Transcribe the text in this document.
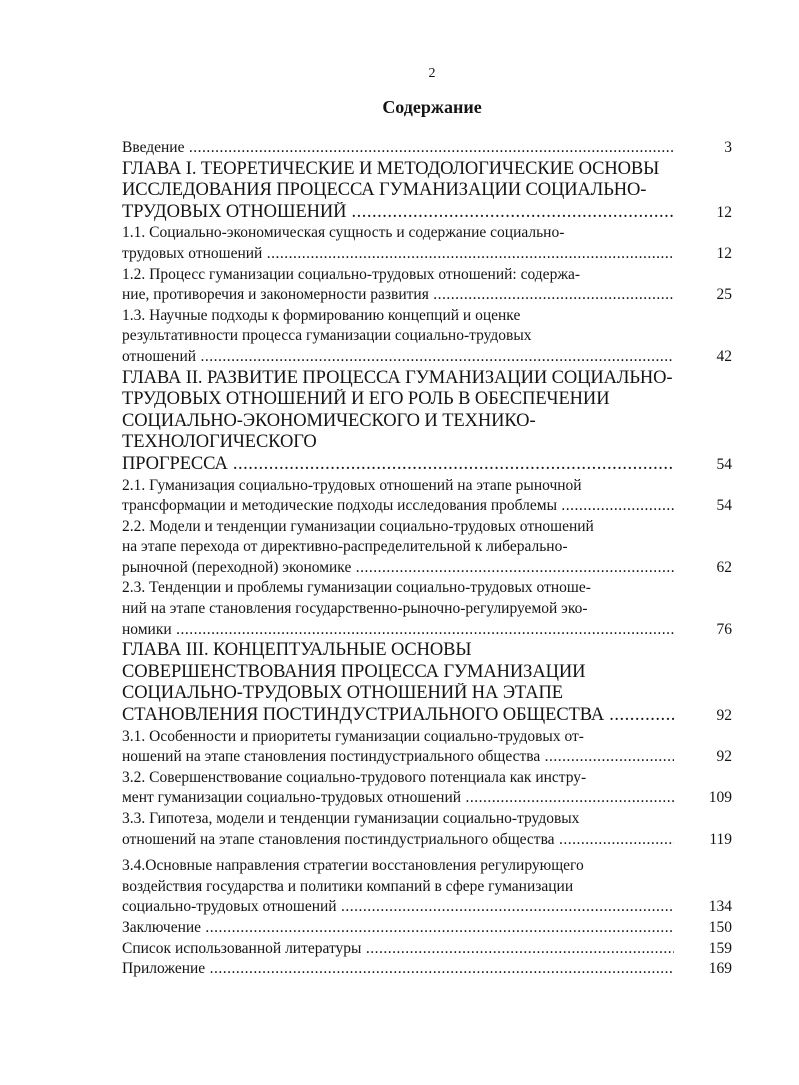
2
Содержание
Введение .....	3
ГЛАВА I. ТЕОРЕТИЧЕСКИЕ И МЕТОДОЛОГИЧЕСКИЕ ОСНОВЫ
ИССЛЕДОВАНИЯ ПРОЦЕССА ГУМАНИЗАЦИИ СОЦИАЛЬНО-
ТРУДОВЫХ ОТНОШЕНИЙ .....	12
1.1. Социально-экономическая сущность и содержание социально-
трудовых отношений .....	12
1.2. Процесс гуманизации социально-трудовых отношений: содержа-
ние, противоречия и закономерности развития .....	25
1.3. Научные подходы к формированию концепций и оценке
результативности процесса гуманизации социально-трудовых
отношений .....	42
ГЛАВА II. РАЗВИТИЕ ПРОЦЕССА ГУМАНИЗАЦИИ СОЦИАЛЬНО-
ТРУДОВЫХ ОТНОШЕНИЙ И ЕГО РОЛЬ В ОБЕСПЕЧЕНИИ
СОЦИАЛЬНО-ЭКОНОМИЧЕСКОГО И ТЕХНИКО-
ТЕХНОЛОГИЧЕСКОГО
ПРОГРЕССА .....	54
2.1. Гуманизация социально-трудовых отношений на этапе рыночной
трансформации и методические подходы исследования проблемы .....	54
2.2. Модели и тенденции гуманизации социально-трудовых отношений
на этапе перехода от директивно-распределительной к либерально-
рыночной (переходной) экономике .....	62
2.3. Тенденции и проблемы гуманизации социально-трудовых отноше-
ний на этапе становления государственно-рыночно-регулируемой эко-
номики .....	76
ГЛАВА III. КОНЦЕПТУАЛЬНЫЕ ОСНОВЫ
СОВЕРШЕНСТВОВАНИЯ ПРОЦЕССА ГУМАНИЗАЦИИ
СОЦИАЛЬНО-ТРУДОВЫХ ОТНОШЕНИЙ НА ЭТАПЕ
СТАНОВЛЕНИЯ ПОСТИНДУСТРИАЛЬНОГО ОБЩЕСТВА .....	92
3.1. Особенности и приоритеты гуманизации социально-трудовых от-
ношений на этапе становления постиндустриального общества .....	92
3.2. Совершенствование социально-трудового потенциала как инстру-
мент гуманизации социально-трудовых отношений .....	109
3.3. Гипотеза, модели и тенденции гуманизации социально-трудовых
отношений на этапе становления постиндустриального общества .....	119
3.4.Основные направления стратегии восстановления регулирующего
воздействия государства и политики компаний в сфере гуманизации
социально-трудовых отношений .....	134
Заключение .....	150
Список использованной литературы .....	159
Приложение .....	169
